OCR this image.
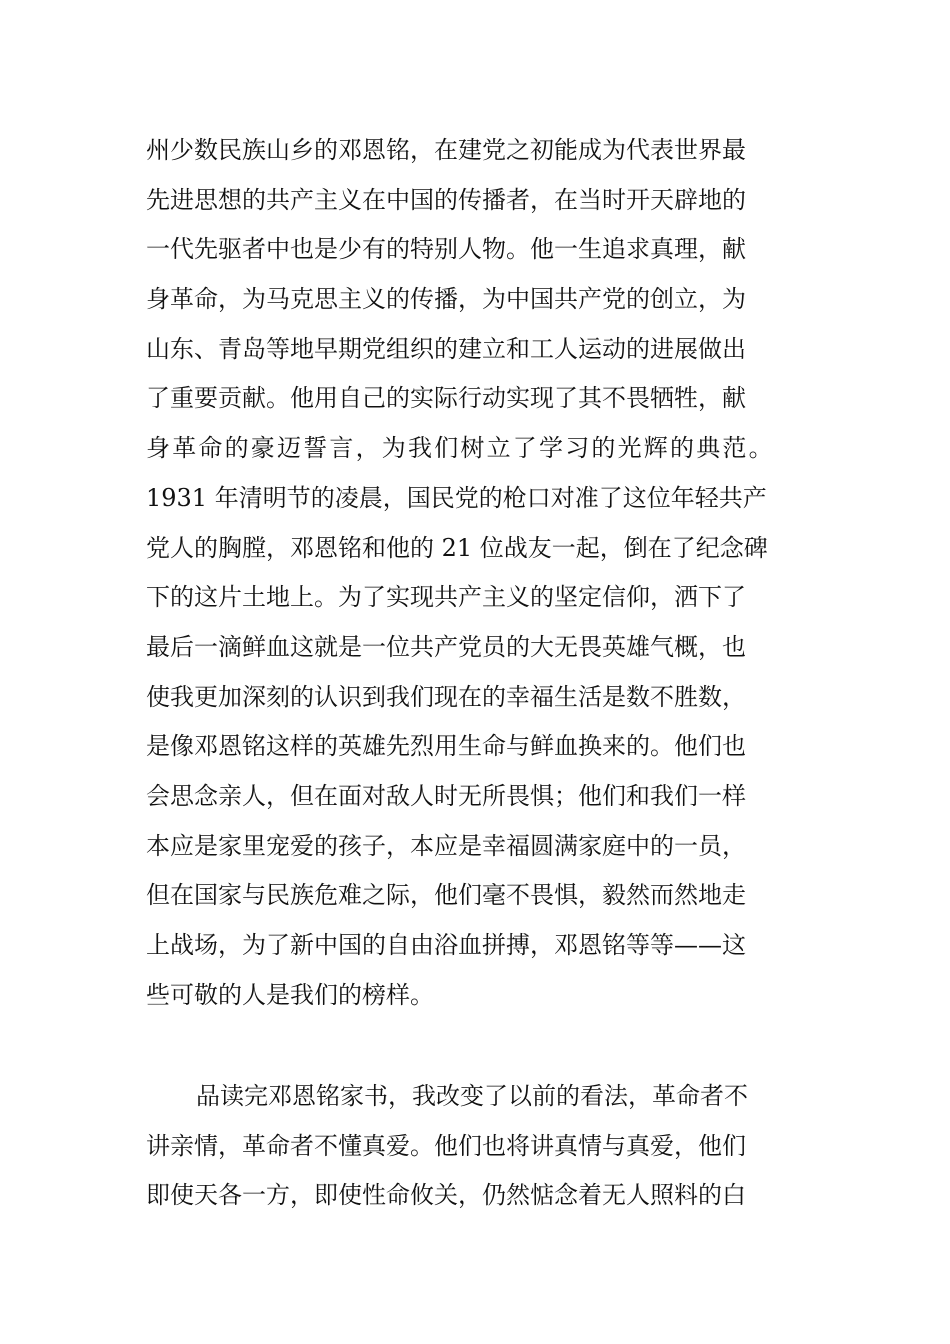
州少数民族山乡的邓恩铭，在建党之初能成为代表世界最
先进思想的共产主义在中国的传播者，在当时开天辟地的
一代先驱者中也是少有的特别人物。他一生追求真理，献
身革命，为马克思主义的传播，为中国共产党的创立，为
山东、青岛等地早期党组织的建立和工人运动的进展做出
了重要贡献。他用自己的实际行动实现了其不畏牺牲，献
身革命的豪迈誓言，为我们树立了学习的光辉的典范。
1931 年清明节的凌晨，国民党的枪口对准了这位年轻共产
党人的胸膛，邓恩铭和他的 21 位战友一起，倒在了纪念碑
下的这片土地上。为了实现共产主义的坚定信仰，洒下了
最后一滴鲜血这就是一位共产党员的大无畏英雄气概，也
使我更加深刻的认识到我们现在的幸福生活是数不胜数，
是像邓恩铭这样的英雄先烈用生命与鲜血换来的。他们也
会思念亲人，但在面对敌人时无所畏惧；他们和我们一样
本应是家里宠爱的孩子，本应是幸福圆满家庭中的一员，
但在国家与民族危难之际，他们毫不畏惧，毅然而然地走
上战场，为了新中国的自由浴血拼搏，邓恩铭等等——这
些可敬的人是我们的榜样。
品读完邓恩铭家书，我改变了以前的看法，革命者不
讲亲情，革命者不懂真爱。他们也将讲真情与真爱，他们
即使天各一方，即使性命攸关，仍然惦念着无人照料的白
